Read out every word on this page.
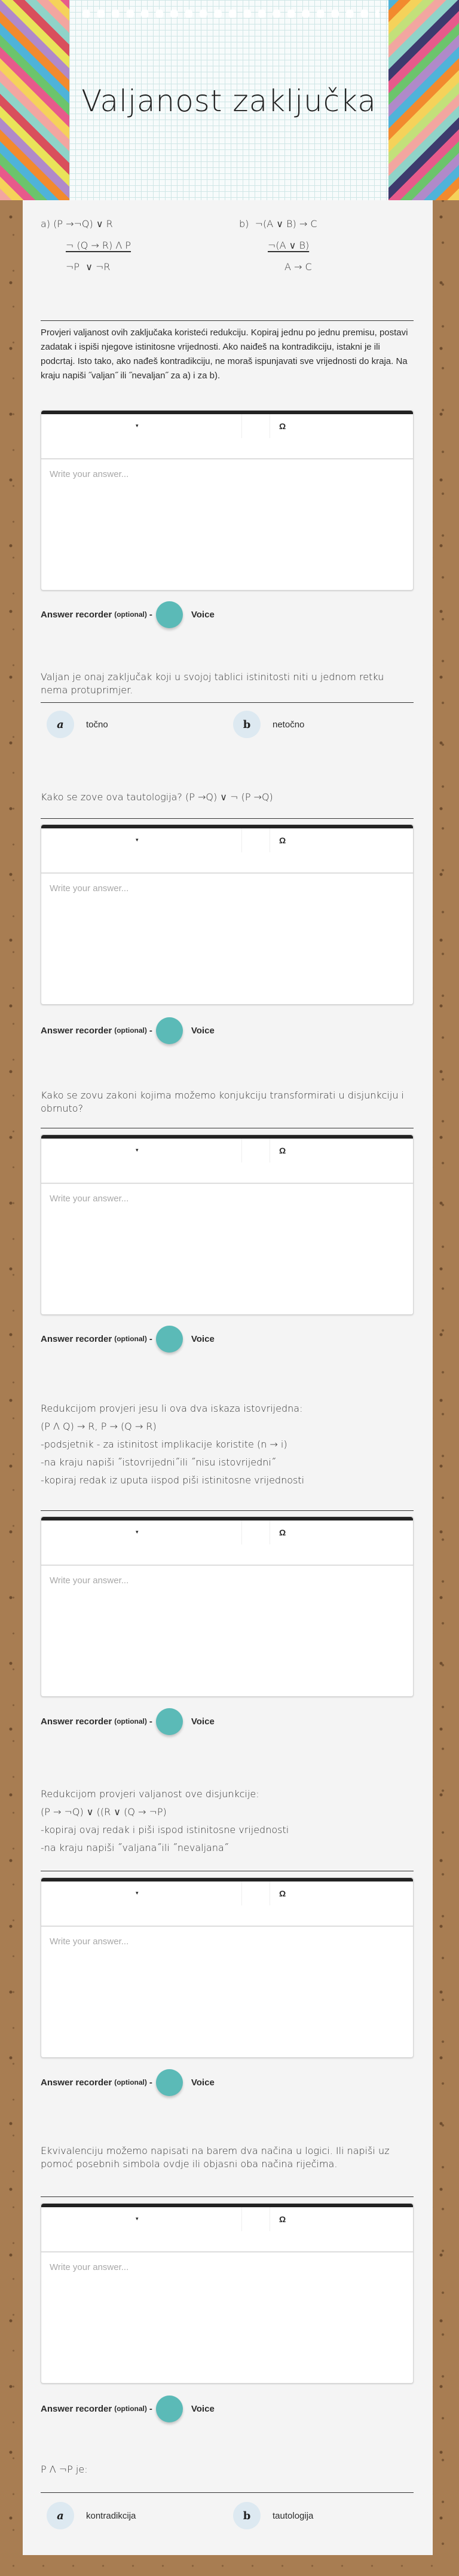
Valjanost zaključka
a) (P →¬Q) ∨ R
¬ (Q → R) Λ P
¬P  ∨ ¬R
b)  ¬(A ∨ B) → C
¬(A ∨ B)
A → C
Provjeri valjanost ovih zaključaka koristeći redukciju. Kopiraj jednu po jednu premisu, postavi zadatak i ispiši njegove istinitosne vrijednosti. Ako naiđeš na kontradikciju, istakni je ili podcrtaj. Isto tako, ako nađeš kontradikciju, ne moraš ispunjavati sve vrijednosti do kraja. Na kraju napiši ˝valjan˝ ili ˝nevaljan˝ za a) i za b).
▾	Ω
Write your answer...
Answer recorder (optional) -	Voice
Valjan je onaj zaključak koji u svojoj tablici istinitosti niti u jednom retku nema protuprimjer.
a	točno	b	netočno
Kako se zove ova tautologija? (P →Q) ∨ ¬ (P →Q)
▾	Ω
Write your answer...
Answer recorder (optional) -	Voice
Kako se zovu zakoni kojima možemo konjukciju transformirati u disjunkciju i obrnuto?
▾	Ω
Write your answer...
Answer recorder (optional) -	Voice
Redukcijom provjeri jesu li ova dva iskaza istovrijedna:
(P Λ Q) → R, P → (Q → R)
-podsjetnik - za istinitost implikacije koristite (n → i)
-na kraju napiši ˝istovrijedni˝ili ˝nisu istovrijedni˝
-kopiraj redak iz uputa iispod piši istinitosne vrijednosti
▾	Ω
Write your answer...
Answer recorder (optional) -	Voice
Redukcijom provjeri valjanost ove disjunkcije:
(P → ¬Q) ∨ ((R ∨ (Q → ¬P)
-kopiraj ovaj redak i piši ispod istinitosne vrijednosti
-na kraju napiši ˝valjana˝ili ˝nevaljana˝
▾	Ω
Write your answer...
Answer recorder (optional) -	Voice
Ekvivalenciju možemo napisati na barem dva načina u logici. Ili napiši uz pomoć posebnih simbola ovdje ili objasni oba načina riječima.
▾	Ω
Write your answer...
Answer recorder (optional) -	Voice
P Λ ¬P je:
a	kontradikcija	b	tautologija
